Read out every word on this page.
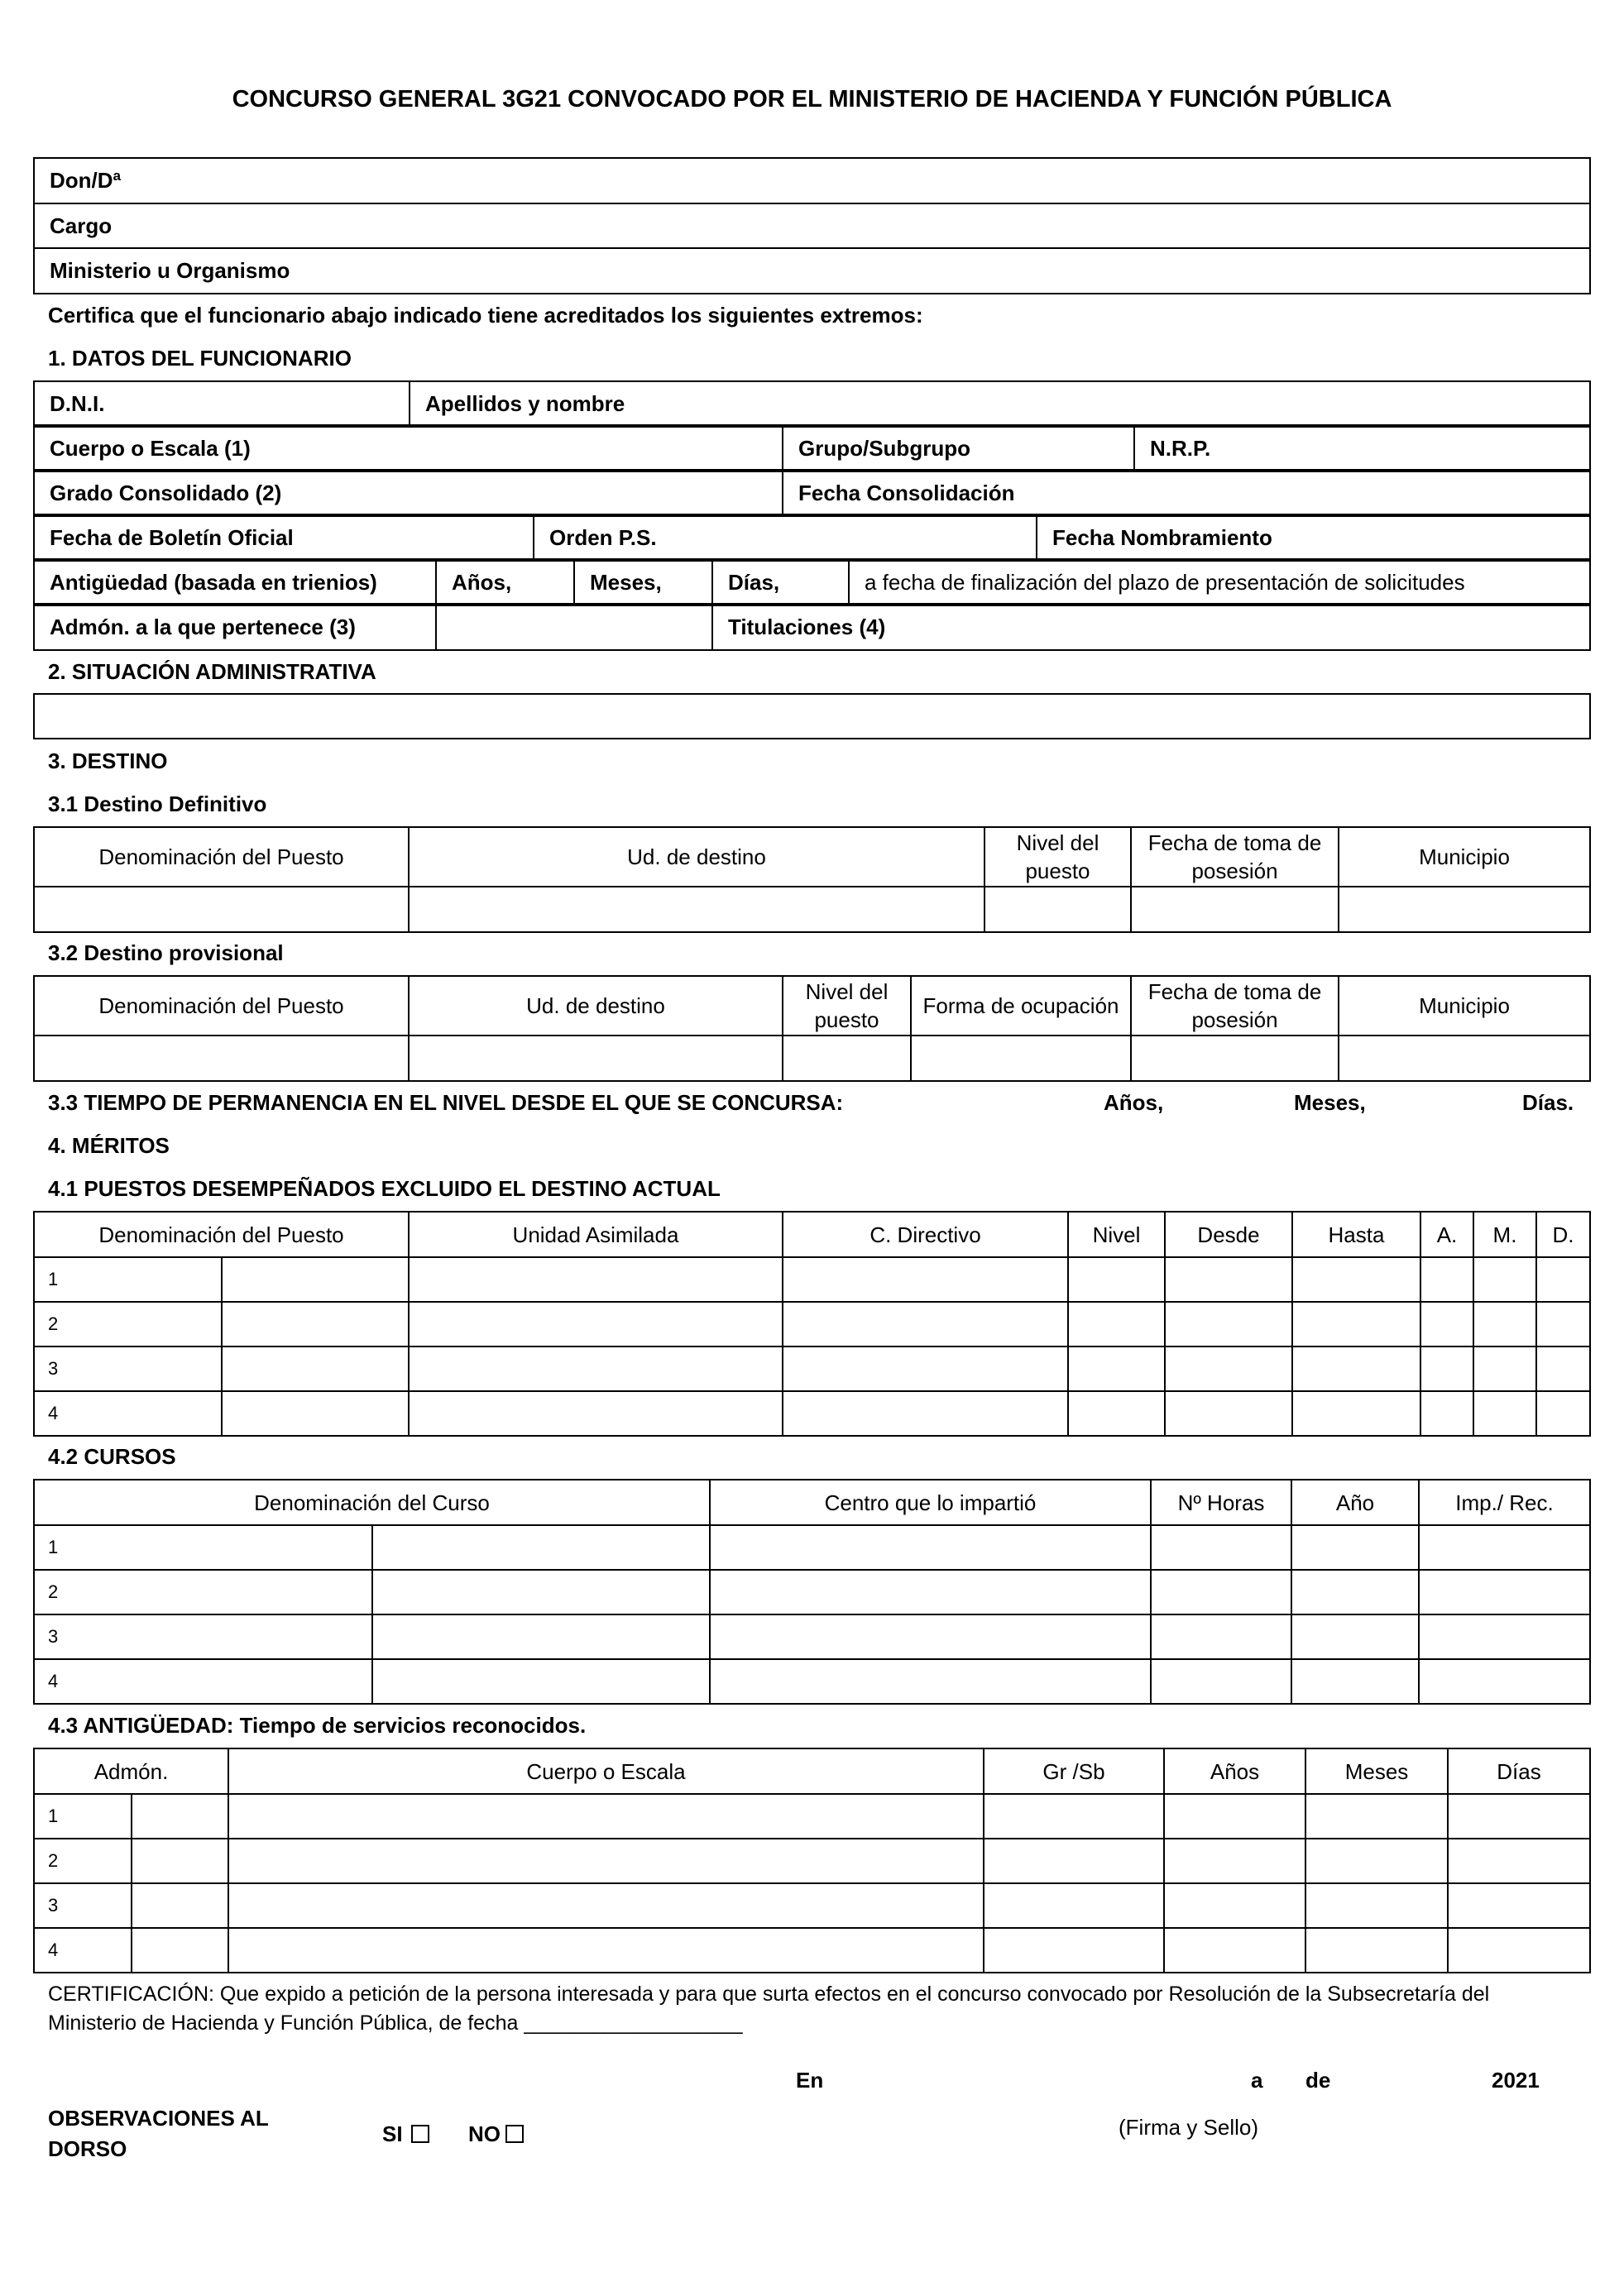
CONCURSO GENERAL 3G21 CONVOCADO POR EL MINISTERIO DE HACIENDA Y FUNCIÓN PÚBLICA
Don/Dª
Cargo
Ministerio u Organismo
Certifica que el funcionario abajo indicado tiene acreditados los siguientes extremos:
1. DATOS DEL FUNCIONARIO
D.N.I.	Apellidos y nombre
Cuerpo o Escala (1)	Grupo/Subgrupo	N.R.P.
Grado Consolidado (2)	Fecha Consolidación
Fecha de Boletín Oficial	Orden P.S.	Fecha Nombramiento
Antigüedad (basada en trienios)	Años,	Meses,	Días,	a fecha de finalización del plazo de presentación de solicitudes
Admón. a la que pertenece (3)		Titulaciones (4)
2. SITUACIÓN ADMINISTRATIVA
3. DESTINO
3.1 Destino Definitivo
Denominación del Puesto	Ud. de destino	Nivel del puesto	Fecha de toma de posesión	Municipio

3.2 Destino provisional
Denominación del Puesto	Ud. de destino	Nivel del puesto	Forma de ocupación	Fecha de toma de posesión	Municipio

3.3 TIEMPO DE PERMANENCIA EN EL NIVEL DESDE EL QUE SE CONCURSA:	Años,	Meses,	Días.
4. MÉRITOS
4.1 PUESTOS DESEMPEÑADOS EXCLUIDO EL DESTINO ACTUAL
Denominación del Puesto		Unidad Asimilada	C. Directivo	Nivel	Desde	Hasta	A.	M.	D.
1									
2									
3									
4									
4.2 CURSOS
Denominación del Curso		Centro que lo impartió	Nº Horas	Año	Imp./ Rec.
1					
2					
3					
4					
4.3 ANTIGÜEDAD: Tiempo de servicios reconocidos.
Admón.		Cuerpo o Escala	Gr /Sb	Años	Meses	Días
1						
2						
3						
4						
CERTIFICACIÓN: Que expido a petición de la persona interesada y para que surta efectos en el concurso convocado por Resolución de la Subsecretaría del
Ministerio de Hacienda y Función Pública, de fecha ___________________
En	a de	2021
OBSERVACIONES AL
DORSO
SI	NO	(Firma y Sello)
